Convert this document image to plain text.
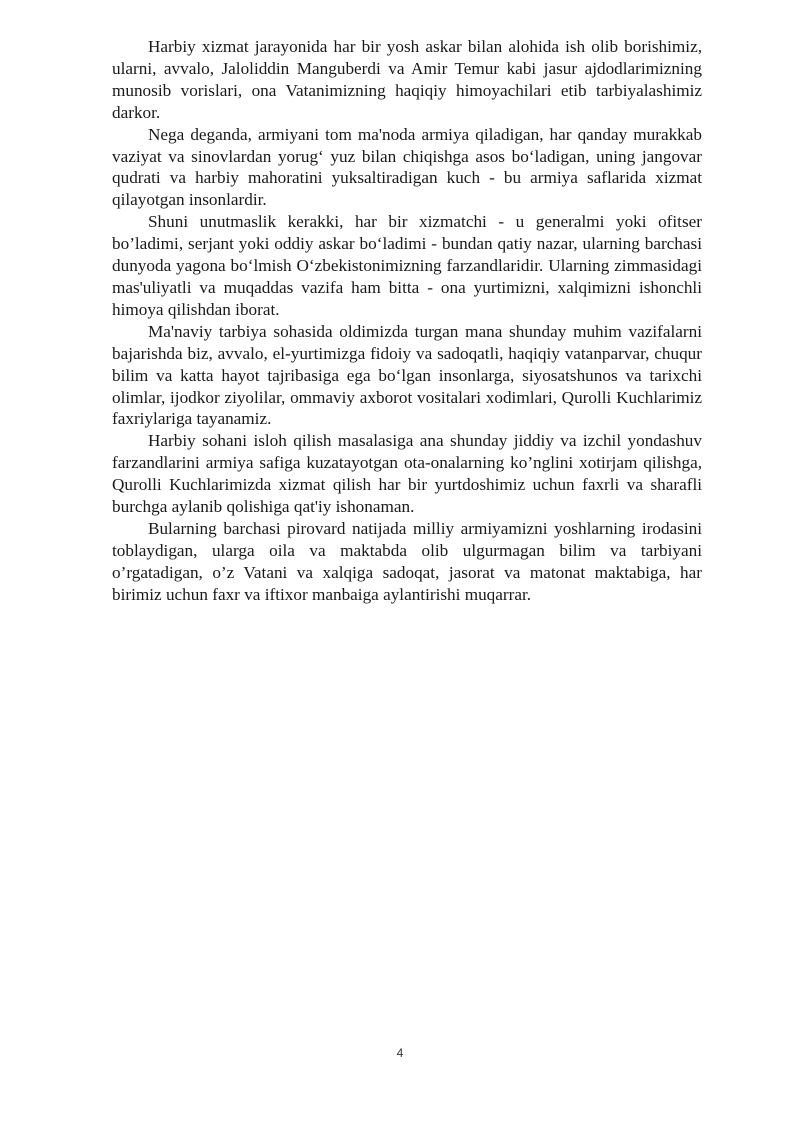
Harbiy xizmat jarayonida har bir yosh askar bilan alohida ish olib borishimiz, ularni, avvalo, Jaloliddin Manguberdi va Amir Temur kabi jasur ajdodlarimizning munosib vorislari, ona Vatanimizning haqiqiy himoyachilari etib tarbiyalashimiz darkor.

Nega deganda, armiyani tom ma'noda armiya qiladigan, har qanday murakkab vaziyat va sinovlardan yorug‘ yuz bilan chiqishga asos bo‘ladigan, uning jangovar qudrati va harbiy mahoratini yuksaltiradigan kuch - bu armiya saflarida xizmat qilayotgan insonlardir.

Shuni unutmaslik kerakki, har bir xizmatchi - u generalmi yoki ofitser bo’ladimi, serjant yoki oddiy askar bo‘ladimi - bundan qatiy nazar, ularning barchasi dunyoda yagona bo‘lmish O‘zbekistonimizning farzandlaridir. Ularning zimmasidagi mas'uliyatli va muqaddas vazifa ham bitta - ona yurtimizni, xalqimizni ishonchli himoya qilishdan iborat.

Ma'naviy tarbiya sohasida oldimizda turgan mana shunday muhim vazifalarni bajarishda biz, avvalo, el-yurtimizga fidoiy va sadoqatli, haqiqiy vatanparvar, chuqur bilim va katta hayot tajribasiga ega bo‘lgan insonlarga, siyosatshunos va tarixchi olimlar, ijodkor ziyolilar, ommaviy axborot vositalari xodimlari, Qurolli Kuchlarimiz faxriylariga tayanamiz.

Harbiy sohani isloh qilish masalasiga ana shunday jiddiy va izchil yondashuv farzandlarini armiya safiga kuzatayotgan ota-onalarning ko’nglini xotirjam qilishga, Qurolli Kuchlarimizda xizmat qilish har bir yurtdoshimiz uchun faxrli va sharafli burchga aylanib qolishiga qat'iy ishonaman.

Bularning barchasi pirovard natijada milliy armiyamizni yoshlarning irodasini toblaydigan, ularga oila va maktabda olib ulgurmagan bilim va tarbiyani o’rgatadigan, o’z Vatani va xalqiga sadoqat, jasorat va matonat maktabiga, har birimiz uchun faxr va iftixor manbaiga aylantirishi muqarrar.

4
